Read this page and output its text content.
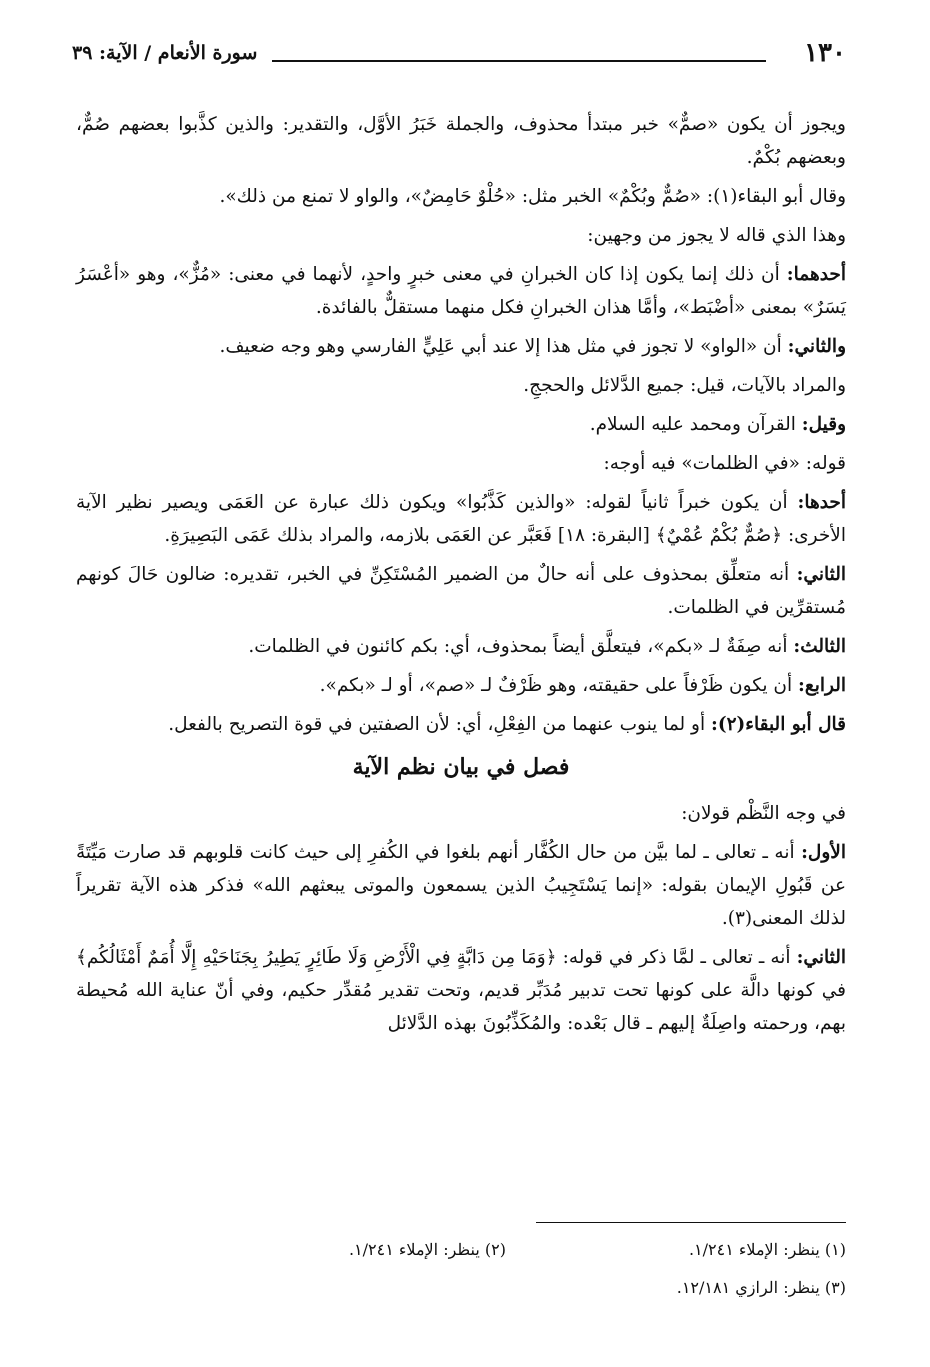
١٣٠
سورة الأنعام / الآية: ٣٩

ويجوز أن يكون «صمٌّ» خبر مبتدأ محذوف، والجملة خَبَرُ الأوَّل، والتقدير: والذين كذَّبوا بعضهم صُمٌّ، وبعضهم بُكْمٌ.

وقال أبو البقاء(١): «صُمٌّ وبُكْمٌ» الخبر مثل: «حُلْوٌ حَامِضٌ»، والواو لا تمنع من ذلك».

وهذا الذي قاله لا يجوز من وجهين:

أحدهما: أن ذلك إنما يكون إذا كان الخبرانِ في معنى خبرٍ واحدٍ، لأنهما في معنى: «مُزٌّ»، وهو «أعْسَرُ يَسَرٌ» بمعنى «أضْبَط»، وأمَّا هذان الخبرانِ فكل منهما مستقلٌّ بالفائدة.

والثاني: أن «الواو» لا تجوز في مثل هذا إلا عند أبي عَلِيٍّ الفارسي وهو وجه ضعيف.

والمراد بالآيات، قيل: جميع الدَّلائل والحججِ.

وقيل: القرآن ومحمد عليه السلام.

قوله: «في الظلمات» فيه أوجه:

أحدها: أن يكون خبراً ثانياً لقوله: «والذين كَذَّبُوا» ويكون ذلك عبارة عن العَمَى ويصير نظير الآية الأخرى: ﴿صُمٌّ بُكْمٌ عُمْيٌ﴾ [البقرة: ١٨] فَعَبَّر عن العَمَى بلازمه، والمراد بذلك عَمَى البَصِيرَةِ.

الثاني: أنه متعلِّق بمحذوف على أنه حالٌ من الضمير المُسْتَكِنِّ في الخبر، تقديره: ضالون حَالَ كونهم مُستقرِّين في الظلمات.

الثالث: أنه صِفَةٌ لـ «بكم»، فيتعلَّق أيضاً بمحذوف، أي: بكم كائنون في الظلمات.

الرابع: أن يكون ظَرْفاً على حقيقته، وهو ظَرْفٌ لـ «صم»، أو لـ «بكم».

قال أبو البقاء(٢): أو لما ينوب عنهما من الفِعْلِ، أي: لأن الصفتين في قوة التصريح بالفعل.

فصل في بيان نظم الآية

في وجه النَّظْم قولان:

الأول: أنه ـ تعالى ـ لما بيَّن من حال الكُفَّار أنهم بلغوا في الكُفرِ إلى حيث كانت قلوبهم قد صارت مَيِّتَةً عن قَبُولِ الإيمان بقوله: «إنما يَسْتَجِيبُ الذين يسمعون والموتى يبعثهم الله» فذكر هذه الآية تقريراً لذلك المعنى(٣).

الثاني: أنه ـ تعالى ـ لمَّا ذكر في قوله: ﴿وَمَا مِن دَابَّةٍ فِي الْأَرْضِ وَلَا طَائِرٍ يَطِيرُ بِجَنَاحَيْهِ إِلَّا أُمَمٌ أَمْثَالُكُم﴾ في كونها دالَّة على كونها تحت تدبير مُدَبِّر قديم، وتحت تقدير مُقدِّر حكيم، وفي أنّ عناية الله مُحيطة بهم، ورحمته واصِلَةٌ إليهم ـ قال بَعْده: والمُكَذِّبُونَ بهذه الدَّلائل

(١) ينظر: الإملاء ١/٢٤١.(٢) ينظر: الإملاء ١/٢٤١.
(٣) ينظر: الرازي ١٢/١٨١.
